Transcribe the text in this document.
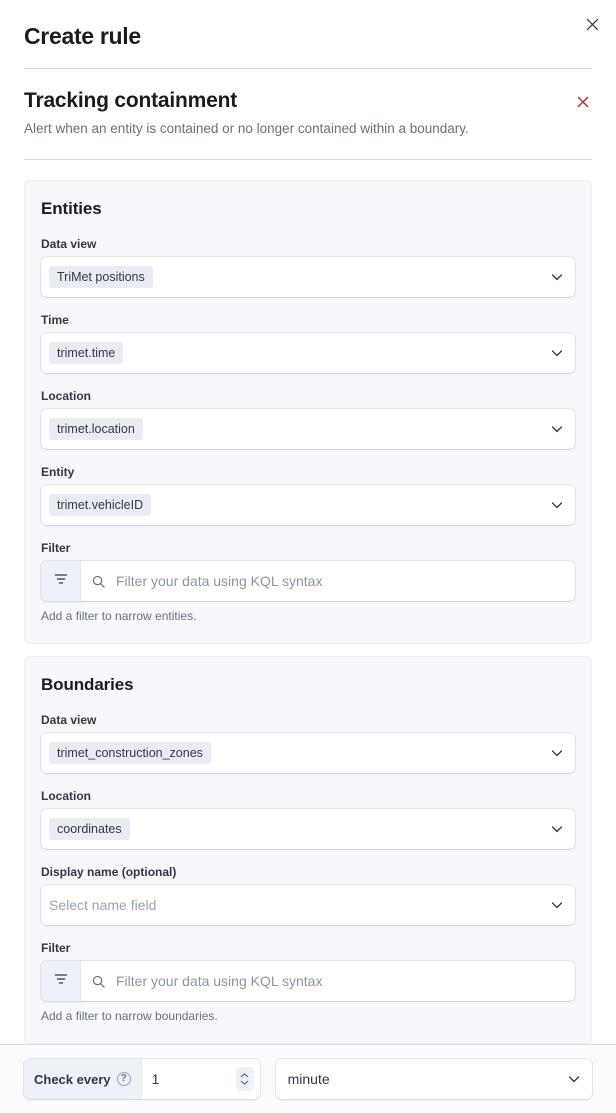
Create rule
Tracking containment

Alert when an entity is contained or no longer contained within a boundary.

Entities
Data view
TriMet positions
Time
trimet.time
Location
trimet.location
Entity
trimet.vehicleID
Filter
Filter your data using KQL syntax
Add a filter to narrow entities.
Boundaries
Data view
trimet_construction_zones
Location
coordinates
Display name (optional)
Select name field
Filter
Filter your data using KQL syntax
Add a filter to narrow boundaries.
Check every ?
1	minute
